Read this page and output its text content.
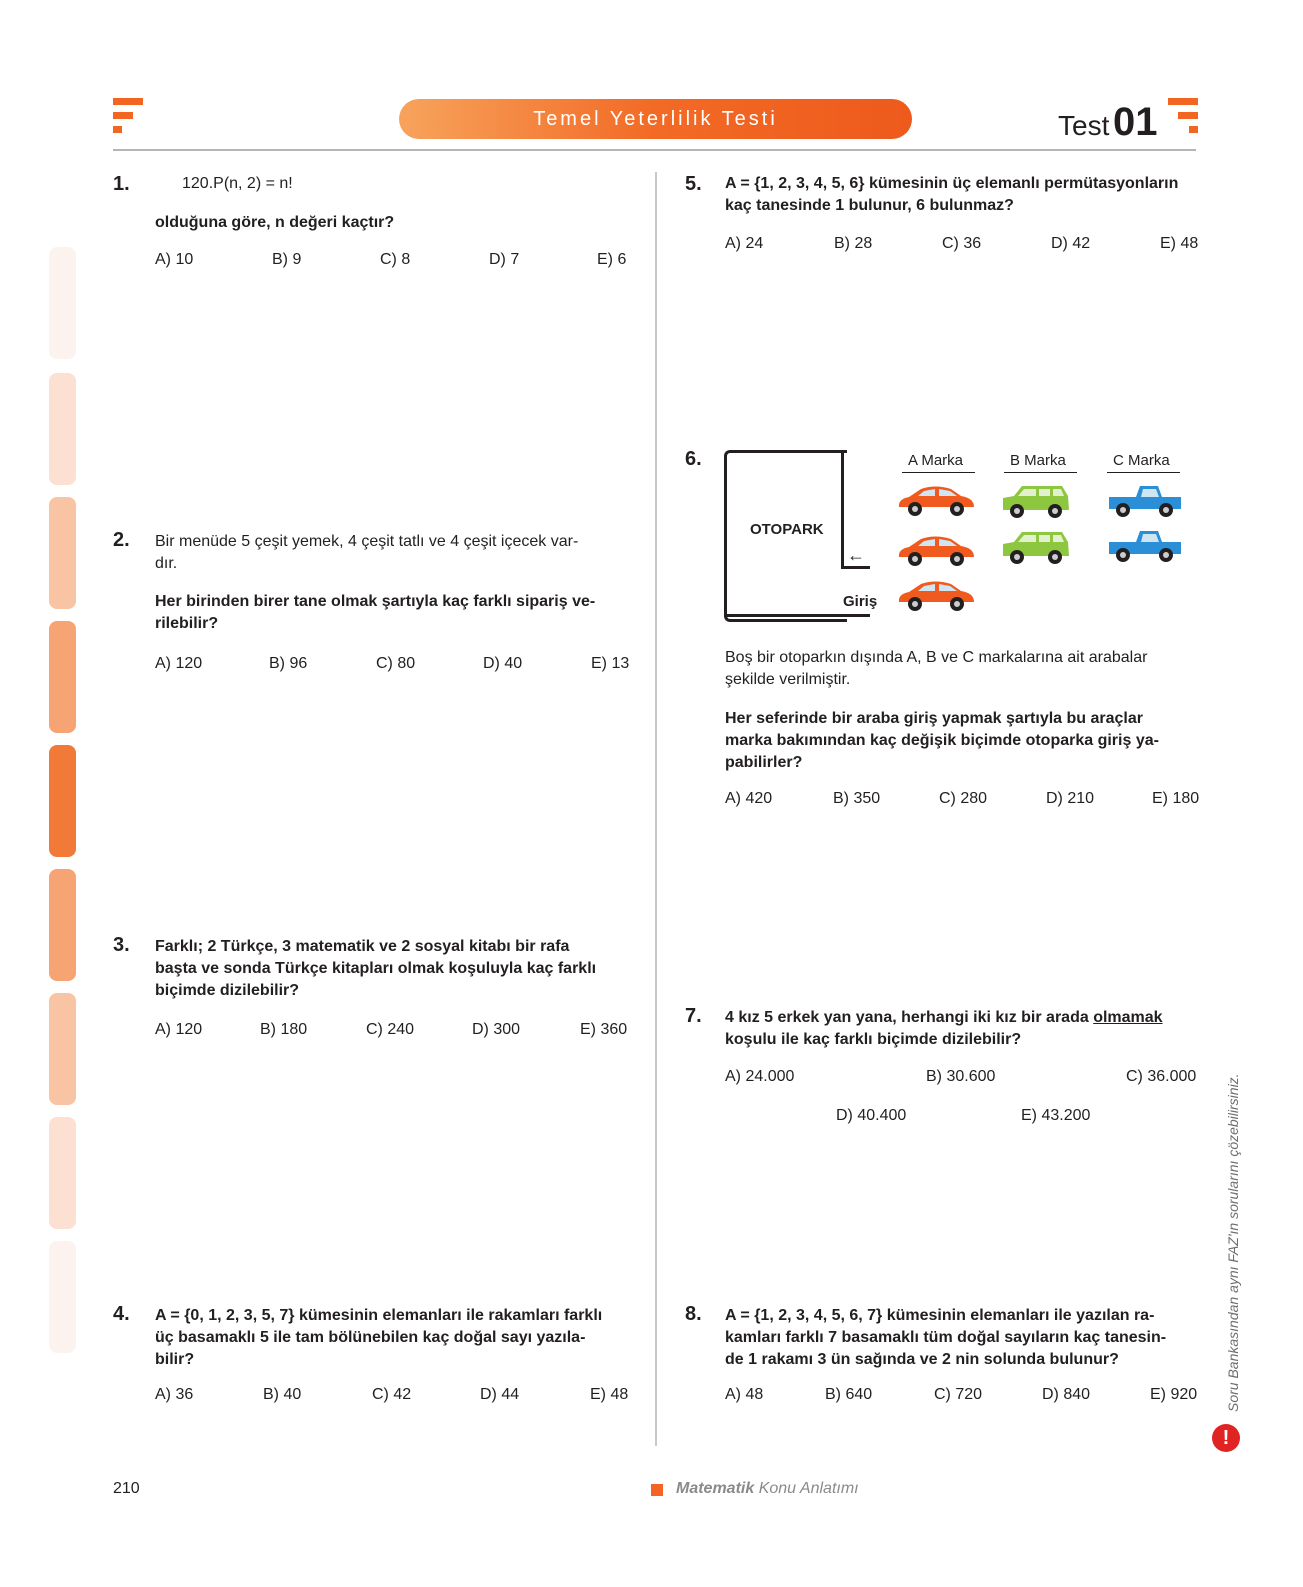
Temel Yeterlilik Testi	Test 01
1.	120.P(n, 2) = n!
olduğuna göre, n değeri kaçtır?
A) 10	B) 9	C) 8	D) 7	E) 6
2. Bir menüde 5 çeşit yemek, 4 çeşit tatlı ve 4 çeşit içecek var-
dır.
Her birinden birer tane olmak şartıyla kaç farklı sipariş ve-
rilebilir?
A) 120	B) 96	C) 80	D) 40	E) 13
3. Farklı; 2 Türkçe, 3 matematik ve 2 sosyal kitabı bir rafa
başta ve sonda Türkçe kitapları olmak koşuluyla kaç farklı
biçimde dizilebilir?
A) 120	B) 180	C) 240	D) 300	E) 360
4. A = {0, 1, 2, 3, 5, 7} kümesinin elemanları ile rakamları farklı
üç basamaklı 5 ile tam bölünebilen kaç doğal sayı yazıla-
bilir?
A) 36	B) 40	C) 42	D) 44	E) 48
5. A = {1, 2, 3, 4, 5, 6} kümesinin üç elemanlı permütasyonların
kaç tanesinde 1 bulunur, 6 bulunmaz?
A) 24	B) 28	C) 36	D) 42	E) 48
6.
OTOPARK
←
Giriş
A Marka	B Marka	C Marka
Boş bir otoparkın dışında A, B ve C markalarına ait arabalar
şekilde verilmiştir.
Her seferinde bir araba giriş yapmak şartıyla bu araçlar
marka bakımından kaç değişik biçimde otoparka giriş ya-
pabilirler?
A) 420	B) 350	C) 280	D) 210	E) 180
7. 4 kız 5 erkek yan yana, herhangi iki kız bir arada olmamak
koşulu ile kaç farklı biçimde dizilebilir?
A) 24.000	B) 30.600	C) 36.000
D) 40.400	E) 43.200
8. A = {1, 2, 3, 4, 5, 6, 7} kümesinin elemanları ile yazılan ra-
kamları farklı 7 basamaklı tüm doğal sayıların kaç tanesin-
de 1 rakamı 3 ün sağında ve 2 nin solunda bulunur?
A) 48	B) 640	C) 720	D) 840	E) 920 Soru Bankasından aynı FAZ'ın sorularını çözebilirsiniz.
!
210	Matematik Konu Anlatımı
